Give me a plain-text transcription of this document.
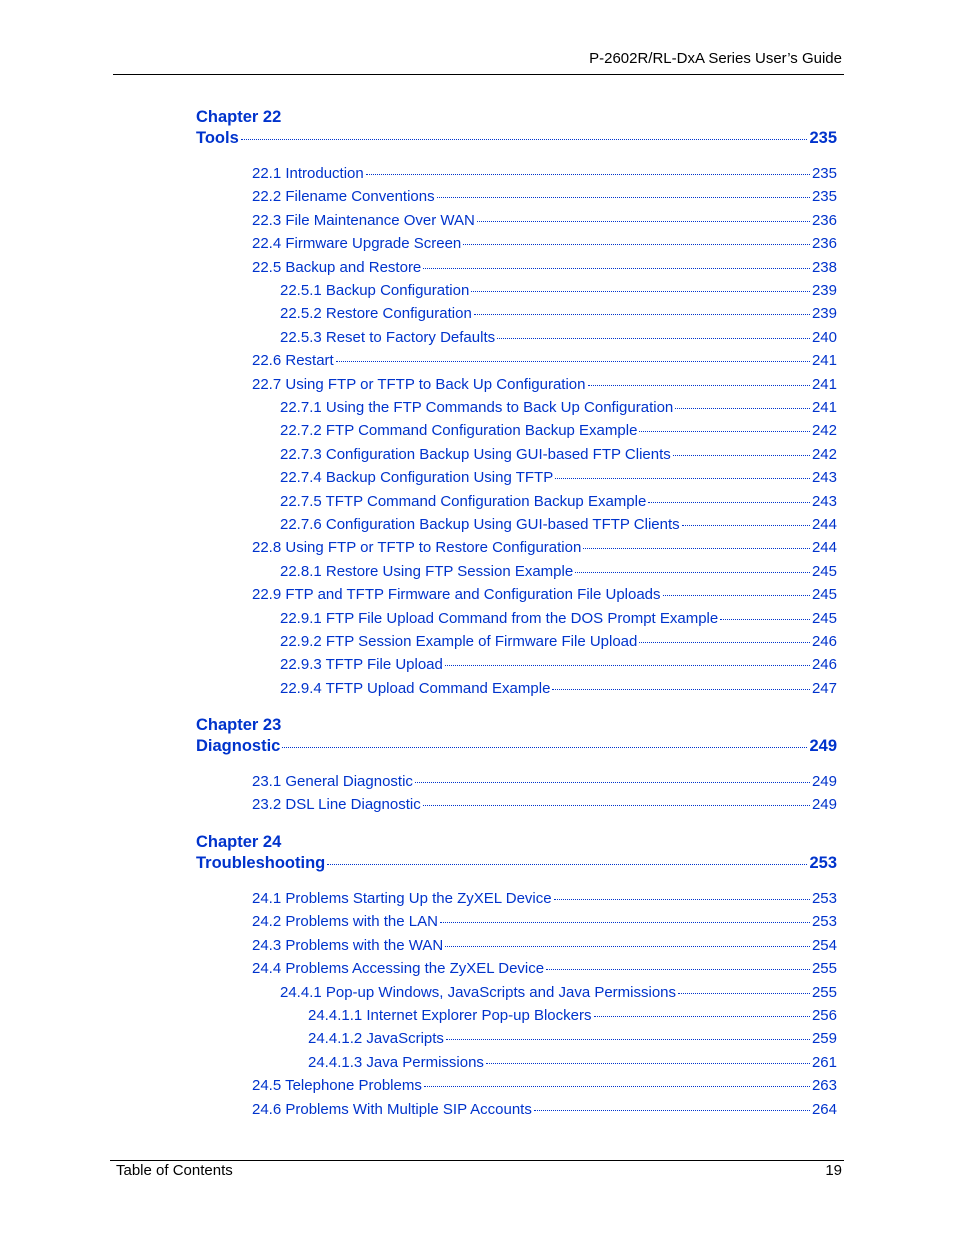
P-2602R/RL-DxA Series User’s Guide
Chapter 22
Tools	235
22.1 Introduction	235
22.2 Filename Conventions	235
22.3 File Maintenance Over WAN	236
22.4 Firmware Upgrade Screen	236
22.5 Backup and Restore	238
22.5.1 Backup Configuration	239
22.5.2 Restore Configuration	239
22.5.3 Reset to Factory Defaults	240
22.6 Restart	241
22.7 Using FTP or TFTP to Back Up Configuration	241
22.7.1 Using the FTP Commands to Back Up Configuration	241
22.7.2 FTP Command Configuration Backup Example	242
22.7.3 Configuration Backup Using GUI-based FTP Clients	242
22.7.4 Backup Configuration Using TFTP	243
22.7.5 TFTP Command Configuration Backup Example	243
22.7.6 Configuration Backup Using GUI-based TFTP Clients	244
22.8 Using FTP or TFTP to Restore Configuration	244
22.8.1 Restore Using FTP Session Example	245
22.9 FTP and TFTP Firmware and Configuration File Uploads	245
22.9.1 FTP File Upload Command from the DOS Prompt Example	245
22.9.2 FTP Session Example of Firmware File Upload	246
22.9.3 TFTP File Upload	246
22.9.4 TFTP Upload Command Example	247
Chapter 23
Diagnostic	249
23.1 General Diagnostic	249
23.2 DSL Line Diagnostic	249
Chapter 24
Troubleshooting	253
24.1 Problems Starting Up the ZyXEL Device	253
24.2 Problems with the LAN	253
24.3 Problems with the WAN	254
24.4 Problems Accessing the ZyXEL Device	255
24.4.1 Pop-up Windows, JavaScripts and Java Permissions	255
24.4.1.1 Internet Explorer Pop-up Blockers	256
24.4.1.2 JavaScripts	259
24.4.1.3 Java Permissions	261
24.5 Telephone Problems	263
24.6 Problems With Multiple SIP Accounts	264
Table of Contents	19
